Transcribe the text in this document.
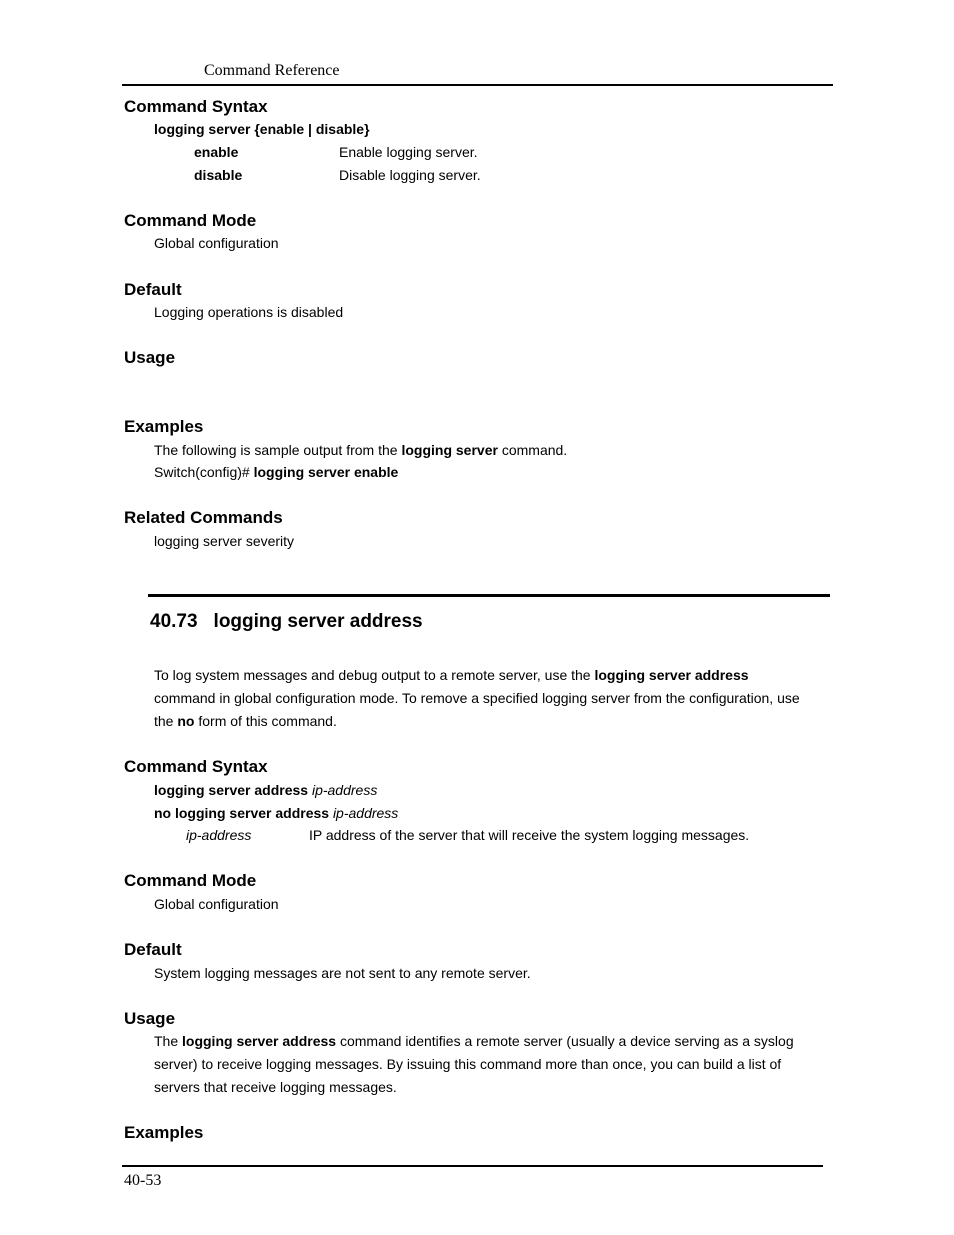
Command Reference
Command Syntax
logging server {enable | disable}
enable	Enable logging server.
disable	Disable logging server.
Command Mode
Global configuration
Default
Logging operations is disabled
Usage
Examples
The following is sample output from the logging server command.
Switch(config)# logging server enable
Related Commands
logging server severity
40.73 logging server address
To log system messages and debug output to a remote server, use the logging server address
command in global configuration mode. To remove a specified logging server from the configuration, use
the no form of this command.
Command Syntax
logging server address ip-address
no logging server address ip-address
ip-address	IP address of the server that will receive the system logging messages.
Command Mode
Global configuration
Default
System logging messages are not sent to any remote server.
Usage
The logging server address command identifies a remote server (usually a device serving as a syslog
server) to receive logging messages. By issuing this command more than once, you can build a list of
servers that receive logging messages.
Examples
40-53
